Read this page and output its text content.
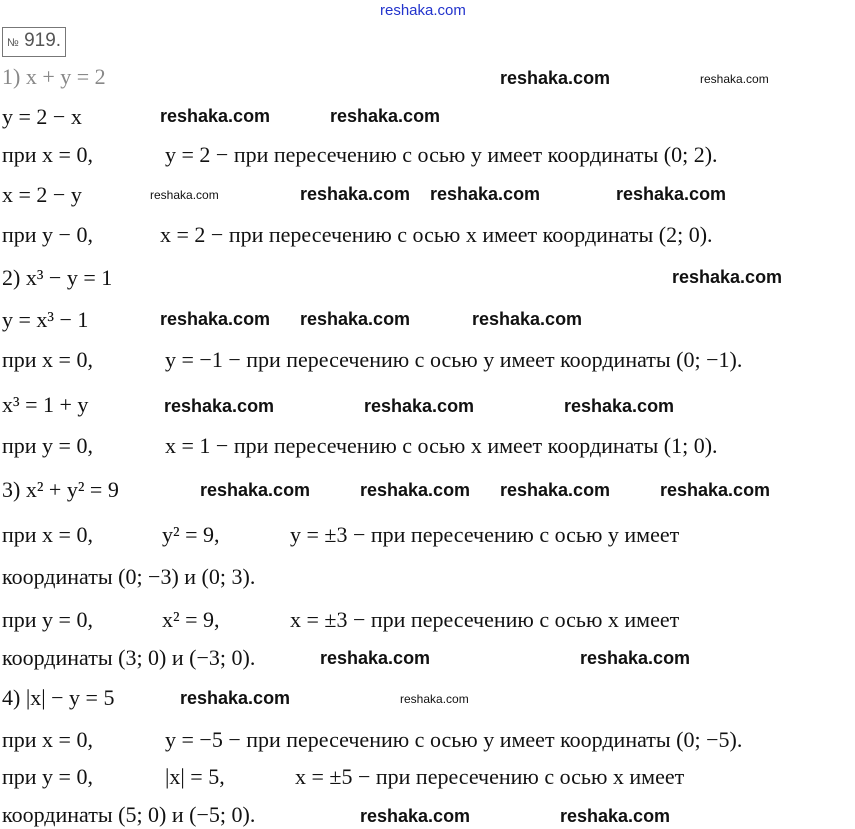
№ 919.
1) x + y = 2
y = 2 − x
при x = 0,	y = 2 − при пересечению с осью y имеет координаты (0; 2).
x = 2 − y
при y − 0,	x = 2 − при пересечению с осью x имеет координаты (2; 0).
2) x³ − y = 1
y = x³ − 1
при x = 0,	y = −1 − при пересечению с осью y имеет координаты (0; −1).
x³ = 1 + y
при y = 0,	x = 1 − при пересечению с осью x имеет координаты (1; 0).
3) x² + y² = 9
при x = 0,	y² = 9,	y = ±3 − при пересечению с осью y имеет
координаты (0; −3) и (0; 3).
при y = 0,	x² = 9,	x = ±3 − при пересечению с осью x имеет
координаты (3; 0) и (−3; 0).
4) |x| − y = 5
при x = 0,	y = −5 − при пересечению с осью y имеет координаты (0; −5).
при y = 0,	|x| = 5,	x = ±5 − при пересечению с осью x имеет
координаты (5; 0) и (−5; 0).
reshaka.com
reshaka.com	reshaka.com
reshaka.com	reshaka.com
reshaka.com
reshaka.com	reshaka.com reshaka.com
reshaka.com
reshaka.com reshaka.com	reshaka.com
reshaka.com	reshaka.com	reshaka.com
reshaka.com
reshaka.com	reshaka.com reshaka.com
reshaka.com	reshaka.com
reshaka.com
reshaka.com	reshaka.com
reshaka.com
